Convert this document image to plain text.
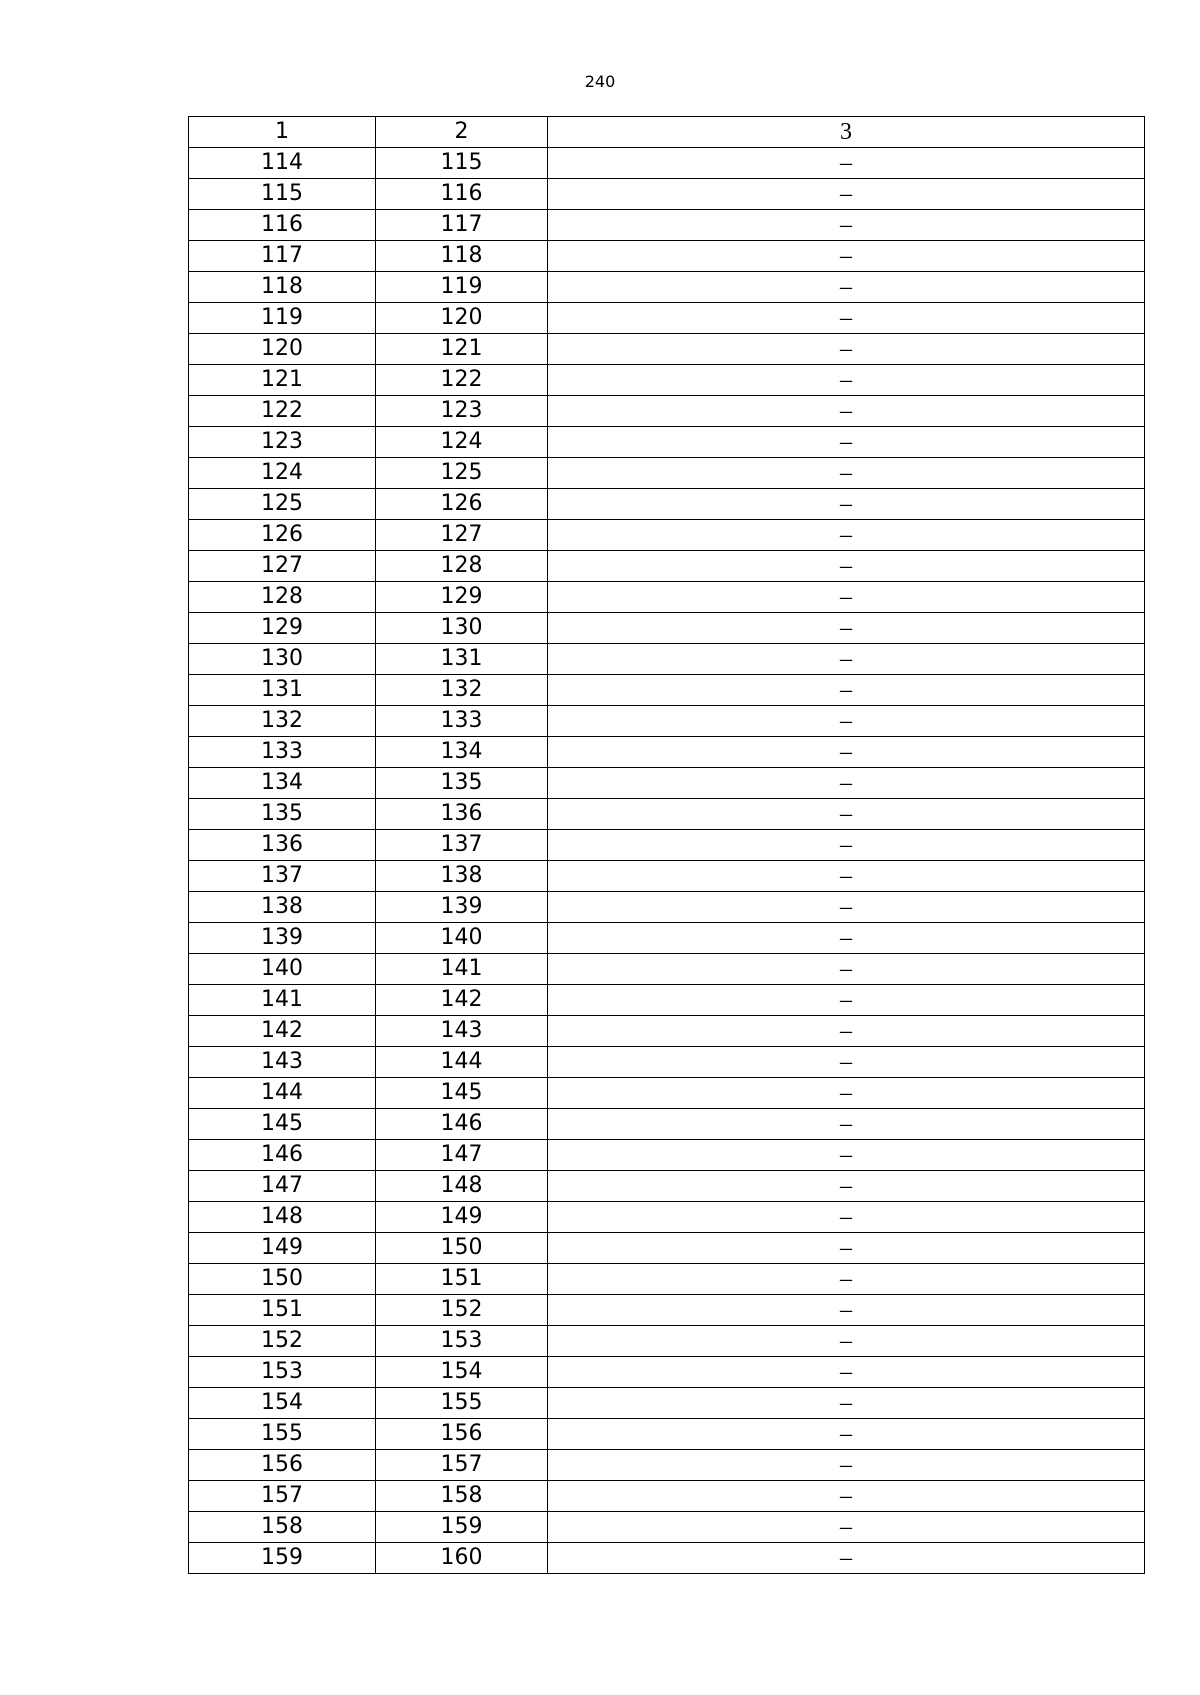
240
1	2	3
114	115	–
115	116	–
116	117	–
117	118	–
118	119	–
119	120	–
120	121	–
121	122	–
122	123	–
123	124	–
124	125	–
125	126	–
126	127	–
127	128	–
128	129	–
129	130	–
130	131	–
131	132	–
132	133	–
133	134	–
134	135	–
135	136	–
136	137	–
137	138	–
138	139	–
139	140	–
140	141	–
141	142	–
142	143	–
143	144	–
144	145	–
145	146	–
146	147	–
147	148	–
148	149	–
149	150	–
150	151	–
151	152	–
152	153	–
153	154	–
154	155	–
155	156	–
156	157	–
157	158	–
158	159	–
159	160	–
